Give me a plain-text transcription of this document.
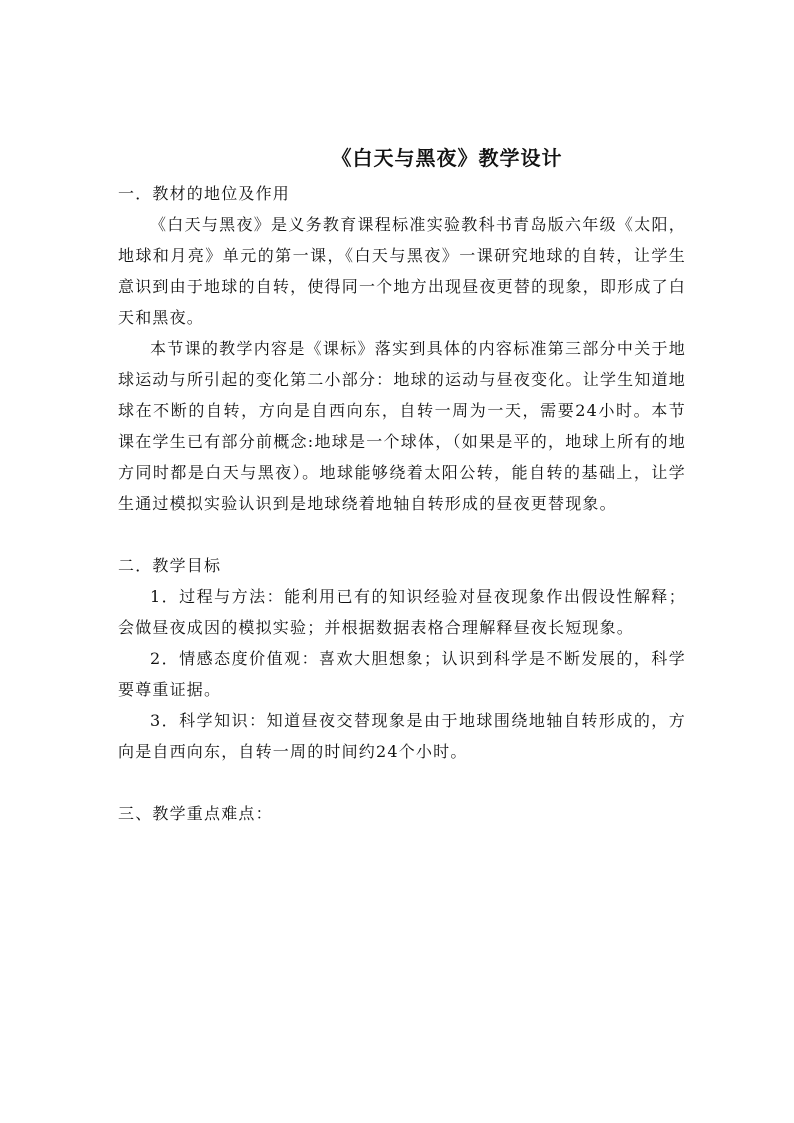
《白天与黑夜》教学设计

一．教材的地位及作用

《白天与黑夜》是义务教育课程标准实验教科书青岛版六年级《太阳，地球和月亮》单元的第一课，《白天与黑夜》一课研究地球的自转，让学生意识到由于地球的自转，使得同一个地方出现昼夜更替的现象，即形成了白天和黑夜。

本节课的教学内容是《课标》落实到具体的内容标准第三部分中关于地球运动与所引起的变化第二小部分：地球的运动与昼夜变化。让学生知道地球在不断的自转，方向是自西向东，自转一周为一天，需要24小时。本节课在学生已有部分前概念:地球是一个球体，（如果是平的，地球上所有的地方同时都是白天与黑夜）。地球能够绕着太阳公转，能自转的基础上，让学生通过模拟实验认识到是地球绕着地轴自转形成的昼夜更替现象。

二．教学目标

1．过程与方法：能利用已有的知识经验对昼夜现象作出假设性解释；会做昼夜成因的模拟实验；并根据数据表格合理解释昼夜长短现象。

2．情感态度价值观：喜欢大胆想象；认识到科学是不断发展的，科学要尊重证据。

3．科学知识：知道昼夜交替现象是由于地球围绕地轴自转形成的，方向是自西向东，自转一周的时间约24个小时。

三、教学重点难点：
